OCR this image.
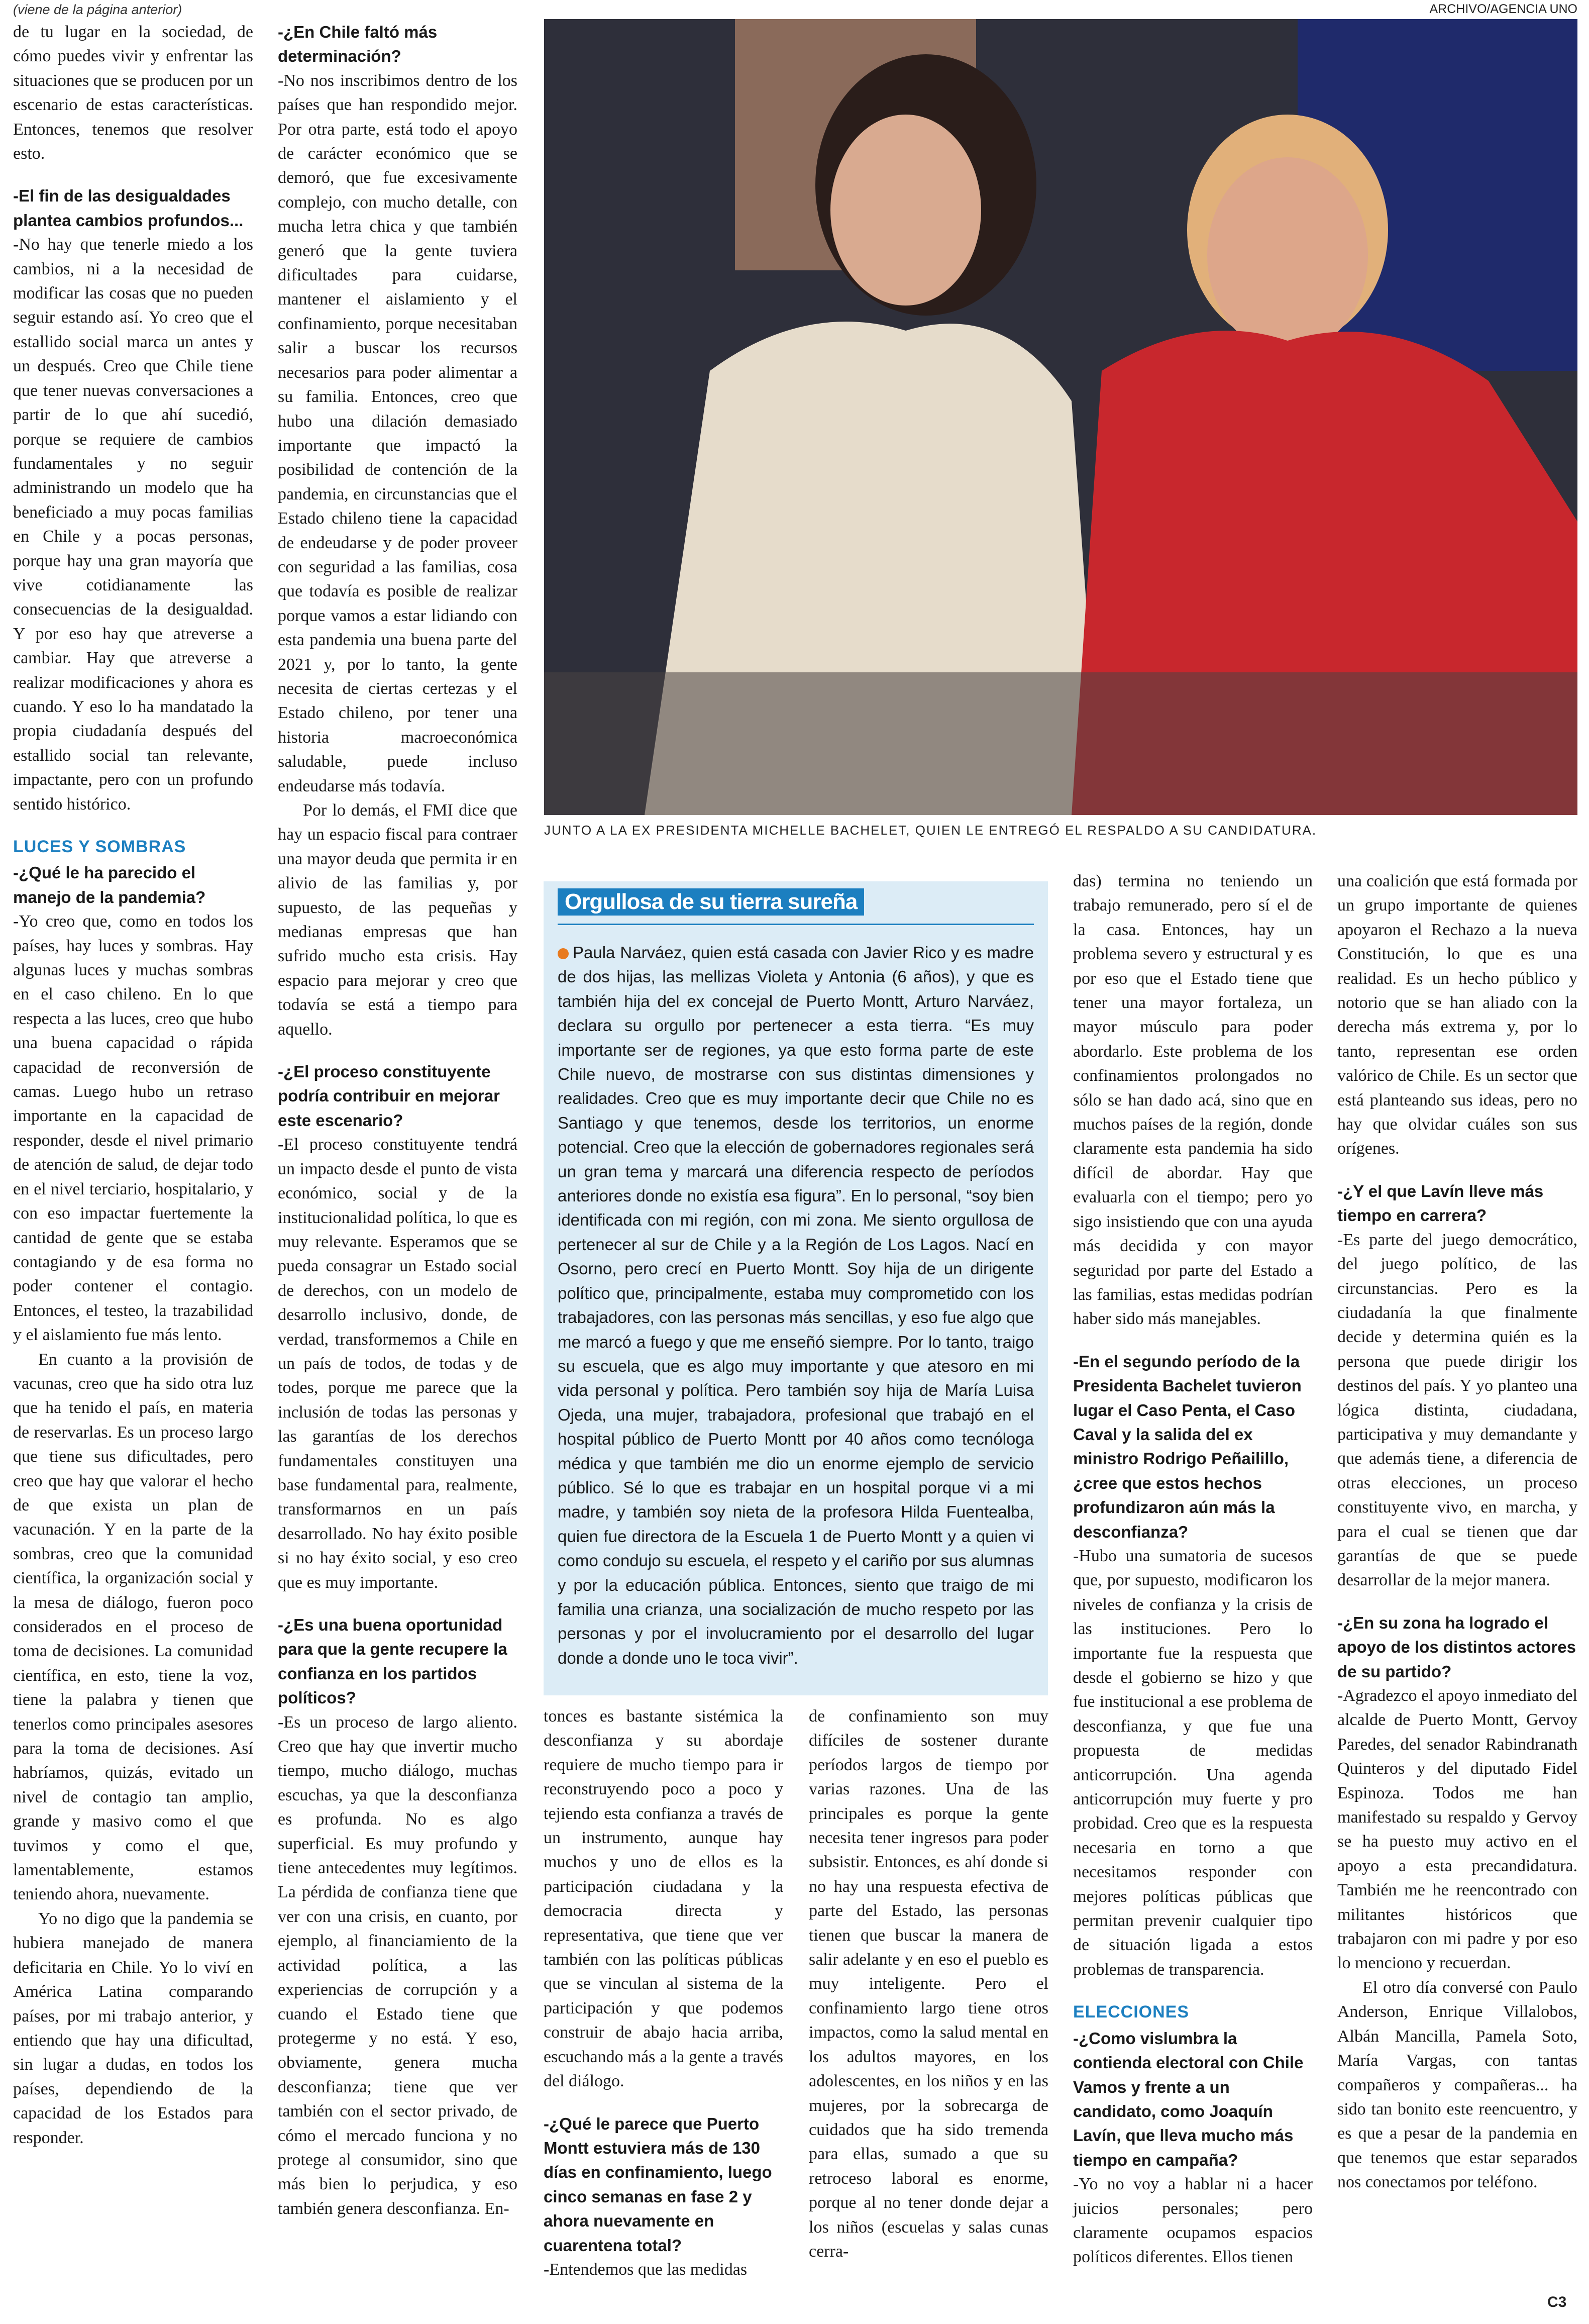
(viene de la página anterior)	ARCHIVO/AGENCIA UNO
JUNTO A LA EX PRESIDENTA MICHELLE BACHELET, QUIEN LE ENTREGÓ EL RESPALDO A SU CANDIDATURA.

de tu lugar en la sociedad, de cómo puedes vivir y enfrentar las situaciones que se producen por un escenario de estas características. Entonces, tenemos que resolver esto.

-El fin de las desigualdades plantea cambios profundos...

-No hay que tenerle miedo a los cambios, ni a la necesidad de modificar las cosas que no pueden seguir estando así. Yo creo que el estallido social marca un antes y un después. Creo que Chile tiene que tener nuevas conversaciones a partir de lo que ahí sucedió, porque se requiere de cambios fundamentales y no seguir administrando un modelo que ha beneficiado a muy pocas familias en Chile y a pocas personas, porque hay una gran mayoría que vive cotidianamente las consecuencias de la desigualdad. Y por eso hay que atreverse a cambiar. Hay que atreverse a realizar modificaciones y ahora es cuando. Y eso lo ha mandatado la propia ciudadanía después del estallido social tan relevante, impactante, pero con un profundo sentido histórico.

LUCES Y SOMBRAS

-¿Qué le ha parecido el manejo de la pandemia?

-Yo creo que, como en todos los países, hay luces y sombras. Hay algunas luces y muchas sombras en el caso chileno. En lo que respecta a las luces, creo que hubo una buena capacidad o rápida capacidad de reconversión de camas. Luego hubo un retraso importante en la capacidad de responder, desde el nivel primario de atención de salud, de dejar todo en el nivel terciario, hospitalario, y con eso impactar fuertemente la cantidad de gente que se estaba contagiando y de esa forma no poder contener el contagio. Entonces, el testeo, la trazabilidad y el aislamiento fue más lento.

En cuanto a la provisión de vacunas, creo que ha sido otra luz que ha tenido el país, en materia de reservarlas. Es un proceso largo que tiene sus dificultades, pero creo que hay que valorar el hecho de que exista un plan de vacunación. Y en la parte de la sombras, creo que la comunidad científica, la organización social y la mesa de diálogo, fueron poco considerados en el proceso de toma de decisiones. La comunidad científica, en esto, tiene la voz, tiene la palabra y tienen que tenerlos como principales asesores para la toma de decisiones. Así habríamos, quizás, evitado un nivel de contagio tan amplio, grande y masivo como el que tuvimos y como el que, lamentablemente, estamos teniendo ahora, nuevamente.

Yo no digo que la pandemia se hubiera manejado de manera deficitaria en Chile. Yo lo viví en América Latina comparando países, por mi trabajo anterior, y entiendo que hay una dificultad, sin lugar a dudas, en todos los países, dependiendo de la capacidad de los Estados para responder.

-¿En Chile faltó más determinación?

-No nos inscribimos dentro de los países que han respondido mejor. Por otra parte, está todo el apoyo de carácter económico que se demoró, que fue excesivamente complejo, con mucho detalle, con mucha letra chica y que también generó que la gente tuviera dificultades para cuidarse, mantener el aislamiento y el confinamiento, porque necesitaban salir a buscar los recursos necesarios para poder alimentar a su familia. Entonces, creo que hubo una dilación demasiado importante que impactó la posibilidad de contención de la pandemia, en circunstancias que el Estado chileno tiene la capacidad de endeudarse y de poder proveer con seguridad a las familias, cosa que todavía es posible de realizar porque vamos a estar lidiando con esta pandemia una buena parte del 2021 y, por lo tanto, la gente necesita de ciertas certezas y el Estado chileno, por tener una historia macroeconómica saludable, puede incluso endeudarse más todavía.

Por lo demás, el FMI dice que hay un espacio fiscal para contraer una mayor deuda que permita ir en alivio de las familias y, por supuesto, de las pequeñas y medianas empresas que han sufrido mucho esta crisis. Hay espacio para mejorar y creo que todavía se está a tiempo para aquello.

-¿El proceso constituyente podría contribuir en mejorar este escenario?

-El proceso constituyente tendrá un impacto desde el punto de vista económico, social y de la institucionalidad política, lo que es muy relevante. Esperamos que se pueda consagrar un Estado social de derechos, con un modelo de desarrollo inclusivo, donde, de verdad, transformemos a Chile en un país de todos, de todas y de todes, porque me parece que la inclusión de todas las personas y las garantías de los derechos fundamentales constituyen una base fundamental para, realmente, transformarnos en un país desarrollado. No hay éxito posible si no hay éxito social, y eso creo que es muy importante.

-¿Es una buena oportunidad para que la gente recupere la confianza en los partidos políticos?

-Es un proceso de largo aliento. Creo que hay que invertir mucho tiempo, mucho diálogo, muchas escuchas, ya que la desconfianza es profunda. No es algo superficial. Es muy profundo y tiene antecedentes muy legítimos. La pérdida de confianza tiene que ver con una crisis, en cuanto, por ejemplo, al financiamiento de la actividad política, a las experiencias de corrupción y a cuando el Estado tiene que protegerme y no está. Y eso, obviamente, genera mucha desconfianza; tiene que ver también con el sector privado, de cómo el mercado funciona y no protege al consumidor, sino que más bien lo perjudica, y eso también genera desconfianza. En-

Orgullosa de su tierra sureña
Paula Narváez, quien está casada con Javier Rico y es madre de dos hijas, las mellizas Violeta y Antonia (6 años), y que es también hija del ex concejal de Puerto Montt, Arturo Narváez, declara su orgullo por pertenecer a esta tierra. “Es muy importante ser de regiones, ya que esto forma parte de este Chile nuevo, de mostrarse con sus distintas dimensiones y realidades. Creo que es muy importante decir que Chile no es Santiago y que tenemos, desde los territorios, un enorme potencial. Creo que la elección de gobernadores regionales será un gran tema y marcará una diferencia respecto de períodos anteriores donde no existía esa figura”. En lo personal, “soy bien identificada con mi región, con mi zona. Me siento orgullosa de pertenecer al sur de Chile y a la Región de Los Lagos. Nací en Osorno, pero crecí en Puerto Montt. Soy hija de un dirigente político que, principalmente, estaba muy comprometido con los trabajadores, con las personas más sencillas, y eso fue algo que me marcó a fuego y que me enseñó siempre. Por lo tanto, traigo su escuela, que es algo muy importante y que atesoro en mi vida personal y política. Pero también soy hija de María Luisa Ojeda, una mujer, trabajadora, profesional que trabajó en el hospital público de Puerto Montt por 40 años como tecnóloga médica y que también me dio un enorme ejemplo de servicio público. Sé lo que es trabajar en un hospital porque vi a mi madre, y también soy nieta de la profesora Hilda Fuentealba, quien fue directora de la Escuela 1 de Puerto Montt y a quien vi como condujo su escuela, el respeto y el cariño por sus alumnas y por la educación pública. Entonces, siento que traigo de mi familia una crianza, una socialización de mucho respeto por las personas y por el involucramiento por el desarrollo del lugar donde a donde uno le toca vivir”.

tonces es bastante sistémica la desconfianza y su abordaje requiere de mucho tiempo para ir reconstruyendo poco a poco y tejiendo esta confianza a través de un instrumento, aunque hay muchos y uno de ellos es la participación ciudadana y la democracia directa y representativa, que tiene que ver también con las políticas públicas que se vinculan al sistema de la participación y que podemos construir de abajo hacia arriba, escuchando más a la gente a través del diálogo.

-¿Qué le parece que Puerto Montt estuviera más de 130 días en confinamiento, luego cinco semanas en fase 2 y ahora nuevamente en cuarentena total?

-Entendemos que las medidas

de confinamiento son muy difíciles de sostener durante períodos largos de tiempo por varias razones. Una de las principales es porque la gente necesita tener ingresos para poder subsistir. Entonces, es ahí donde si no hay una respuesta efectiva de parte del Estado, las personas tienen que buscar la manera de salir adelante y en eso el pueblo es muy inteligente. Pero el confinamiento largo tiene otros impactos, como la salud mental en los adultos mayores, en los adolescentes, en los niños y en las mujeres, por la sobrecarga de cuidados que ha sido tremenda para ellas, sumado a que su retroceso laboral es enorme, porque al no tener donde dejar a los niños (escuelas y salas cunas cerra-

das) termina no teniendo un trabajo remunerado, pero sí el de la casa. Entonces, hay un problema severo y estructural y es por eso que el Estado tiene que tener una mayor fortaleza, un mayor músculo para poder abordarlo. Este problema de los confinamientos prolongados no sólo se han dado acá, sino que en muchos países de la región, donde claramente esta pandemia ha sido difícil de abordar. Hay que evaluarla con el tiempo; pero yo sigo insistiendo que con una ayuda más decidida y con mayor seguridad por parte del Estado a las familias, estas medidas podrían haber sido más manejables.

-En el segundo período de la Presidenta Bachelet tuvieron lugar el Caso Penta, el Caso Caval y la salida del ex ministro Rodrigo Peñailillo, ¿cree que estos hechos profundizaron aún más la desconfianza?

-Hubo una sumatoria de sucesos que, por supuesto, modificaron los niveles de confianza y la crisis de las instituciones. Pero lo importante fue la respuesta que desde el gobierno se hizo y que fue institucional a ese problema de desconfianza, y que fue una propuesta de medidas anticorrupción. Una agenda anticorrupción muy fuerte y pro probidad. Creo que es la respuesta necesaria en torno a que necesitamos responder con mejores políticas públicas que permitan prevenir cualquier tipo de situación ligada a estos problemas de transparencia.

ELECCIONES

-¿Como vislumbra la contienda electoral con Chile Vamos y frente a un candidato, como Joaquín Lavín, que lleva mucho más tiempo en campaña?

-Yo no voy a hablar ni a hacer juicios personales; pero claramente ocupamos espacios políticos diferentes. Ellos tienen

una coalición que está formada por un grupo importante de quienes apoyaron el Rechazo a la nueva Constitución, lo que es una realidad. Es un hecho público y notorio que se han aliado con la derecha más extrema y, por lo tanto, representan ese orden valórico de Chile. Es un sector que está planteando sus ideas, pero no hay que olvidar cuáles son sus orígenes.

-¿Y el que Lavín lleve más tiempo en carrera?

-Es parte del juego democrático, del juego político, de las circunstancias. Pero es la ciudadanía la que finalmente decide y determina quién es la persona que puede dirigir los destinos del país. Y yo planteo una lógica distinta, ciudadana, participativa y muy demandante y que además tiene, a diferencia de otras elecciones, un proceso constituyente vivo, en marcha, y para el cual se tienen que dar garantías de que se puede desarrollar de la mejor manera.

-¿En su zona ha logrado el apoyo de los distintos actores de su partido?

-Agradezco el apoyo inmediato del alcalde de Puerto Montt, Gervoy Paredes, del senador Rabindranath Quinteros y del diputado Fidel Espinoza. Todos me han manifestado su respaldo y Gervoy se ha puesto muy activo en el apoyo a esta precandidatura. También me he reencontrado con militantes históricos que trabajaron con mi padre y por eso lo menciono y recuerdan.

El otro día conversé con Paulo Anderson, Enrique Villalobos, Albán Mancilla, Pamela Soto, María Vargas, con tantas compañeros y compañeras... ha sido tan bonito este reencuentro, y es que a pesar de la pandemia en que tenemos que estar separados nos conectamos por teléfono.

C3
